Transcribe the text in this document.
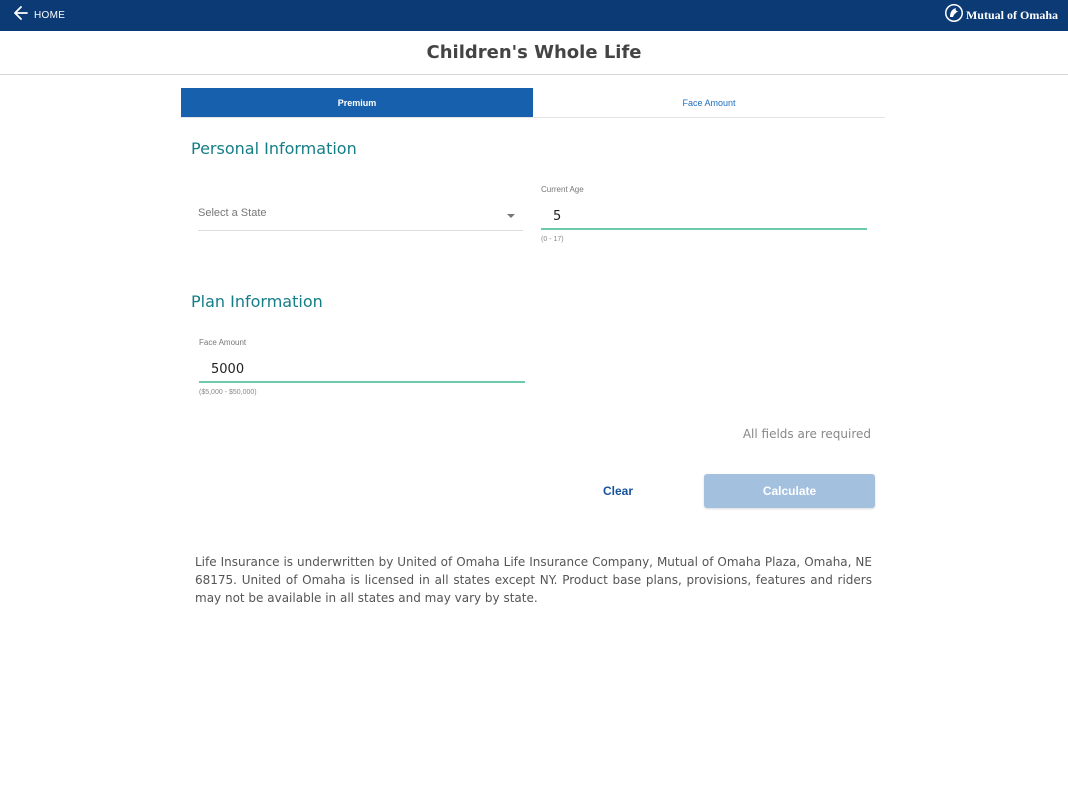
HOME	Mutual of Omaha
Children's Whole Life
Premium	Face Amount
Personal Information
Select a State
Current Age
5
(0 - 17)
Plan Information
Face Amount
5000
($5,000 - $50,000)
All fields are required
Clear	Calculate

Life Insurance is underwritten by United of Omaha Life Insurance Company, Mutual of Omaha Plaza, Omaha, NE 68175. United of Omaha is licensed in all states except NY. Product base plans, provisions, features and riders may not be available in all states and may vary by state.
